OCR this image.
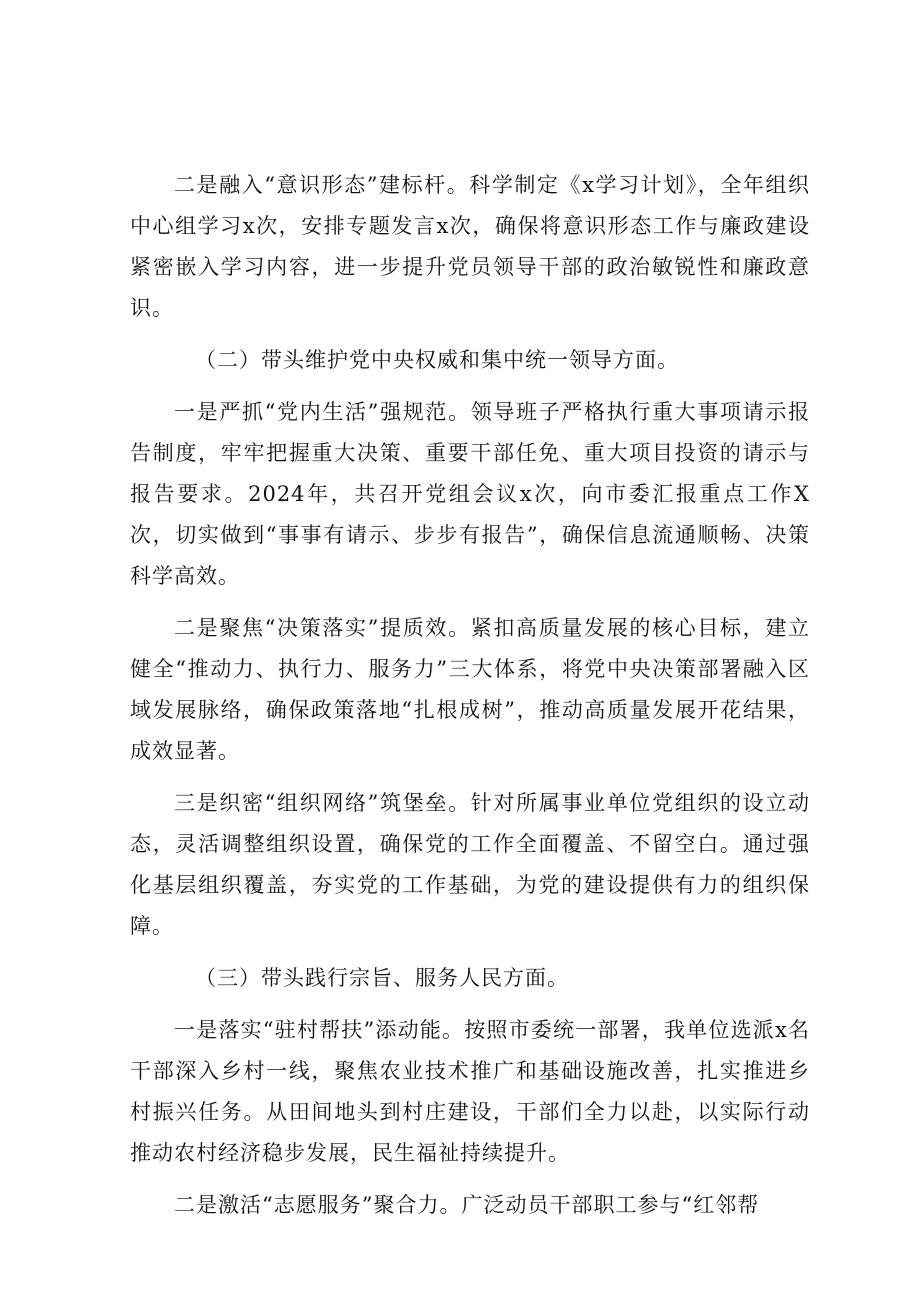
二是融入“意识形态”建标杆。科学制定《x学习计划》，全年组织中心组学习x次，安排专题发言x次，确保将意识形态工作与廉政建设紧密嵌入学习内容，进一步提升党员领导干部的政治敏锐性和廉政意识。

（二）带头维护党中央权威和集中统一领导方面。

一是严抓“党内生活”强规范。领导班子严格执行重大事项请示报告制度，牢牢把握重大决策、重要干部任免、重大项目投资的请示与报告要求。2024年，共召开党组会议x次，向市委汇报重点工作X次，切实做到“事事有请示、步步有报告”，确保信息流通顺畅、决策科学高效。

二是聚焦“决策落实”提质效。紧扣高质量发展的核心目标，建立健全“推动力、执行力、服务力”三大体系，将党中央决策部署融入区域发展脉络，确保政策落地“扎根成树”，推动高质量发展开花结果，成效显著。

三是织密“组织网络”筑堡垒。针对所属事业单位党组织的设立动态，灵活调整组织设置，确保党的工作全面覆盖、不留空白。通过强化基层组织覆盖，夯实党的工作基础，为党的建设提供有力的组织保障。

（三）带头践行宗旨、服务人民方面。

一是落实“驻村帮扶”添动能。按照市委统一部署，我单位选派x名干部深入乡村一线，聚焦农业技术推广和基础设施改善，扎实推进乡村振兴任务。从田间地头到村庄建设，干部们全力以赴，以实际行动推动农村经济稳步发展，民生福祉持续提升。

二是激活“志愿服务”聚合力。广泛动员干部职工参与“红邻帮
